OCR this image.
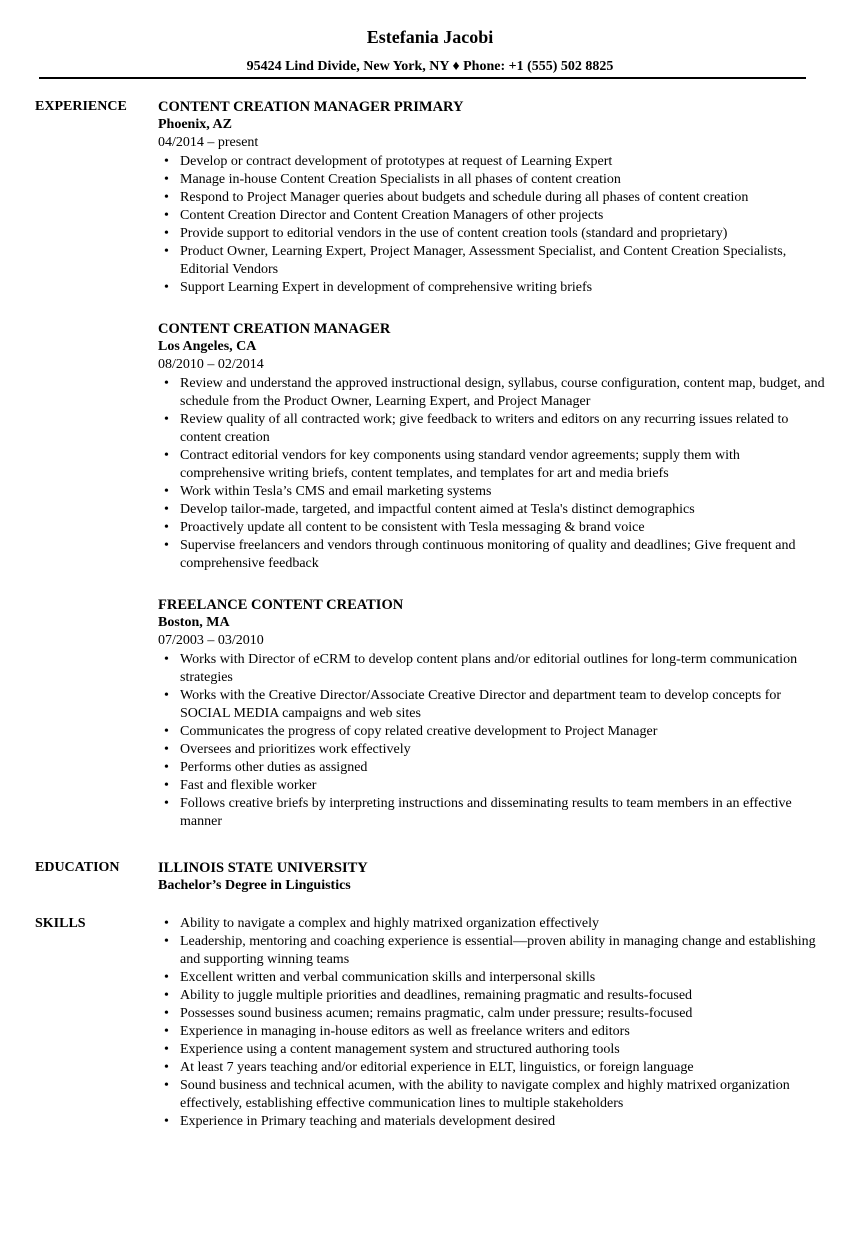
Estefania Jacobi
95424 Lind Divide, New York, NY ♦ Phone: +1 (555) 502 8825
EXPERIENCE	CONTENT CREATION MANAGER PRIMARY
Phoenix, AZ
04/2014 – present
• Develop or contract development of prototypes at request of Learning Expert
• Manage in-house Content Creation Specialists in all phases of content creation
• Respond to Project Manager queries about budgets and schedule during all phases of content creation
• Content Creation Director and Content Creation Managers of other projects
• Provide support to editorial vendors in the use of content creation tools (standard and proprietary)
• Product Owner, Learning Expert, Project Manager, Assessment Specialist, and Content Creation Specialists, Editorial Vendors
• Support Learning Expert in development of comprehensive writing briefs
CONTENT CREATION MANAGER
Los Angeles, CA
08/2010 – 02/2014
• Review and understand the approved instructional design, syllabus, course configuration, content map, budget, and schedule from the Product Owner, Learning Expert, and Project Manager
• Review quality of all contracted work; give feedback to writers and editors on any recurring issues related to content creation
• Contract editorial vendors for key components using standard vendor agreements; supply them with comprehensive writing briefs, content templates, and templates for art and media briefs
• Work within Tesla’s CMS and email marketing systems
• Develop tailor-made, targeted, and impactful content aimed at Tesla's distinct demographics
• Proactively update all content to be consistent with Tesla messaging & brand voice
• Supervise freelancers and vendors through continuous monitoring of quality and deadlines; Give frequent and comprehensive feedback
FREELANCE CONTENT CREATION
Boston, MA
07/2003 – 03/2010
• Works with Director of eCRM to develop content plans and/or editorial outlines for long-term communication strategies
• Works with the Creative Director/Associate Creative Director and department team to develop concepts for SOCIAL MEDIA campaigns and web sites
• Communicates the progress of copy related creative development to Project Manager
• Oversees and prioritizes work effectively
• Performs other duties as assigned
• Fast and flexible worker
• Follows creative briefs by interpreting instructions and disseminating results to team members in an effective manner
EDUCATION	ILLINOIS STATE UNIVERSITY
Bachelor’s Degree in Linguistics
SKILLS
•	Ability to navigate a complex and highly matrixed organization effectively
• Leadership, mentoring and coaching experience is essential—proven ability in managing change and establishing and supporting winning teams
• Excellent written and verbal communication skills and interpersonal skills
• Ability to juggle multiple priorities and deadlines, remaining pragmatic and results-focused
• Possesses sound business acumen; remains pragmatic, calm under pressure; results-focused
• Experience in managing in-house editors as well as freelance writers and editors
• Experience using a content management system and structured authoring tools
• At least 7 years teaching and/or editorial experience in ELT, linguistics, or foreign language
• Sound business and technical acumen, with the ability to navigate complex and highly matrixed organization effectively, establishing effective communication lines to multiple stakeholders
• Experience in Primary teaching and materials development desired
